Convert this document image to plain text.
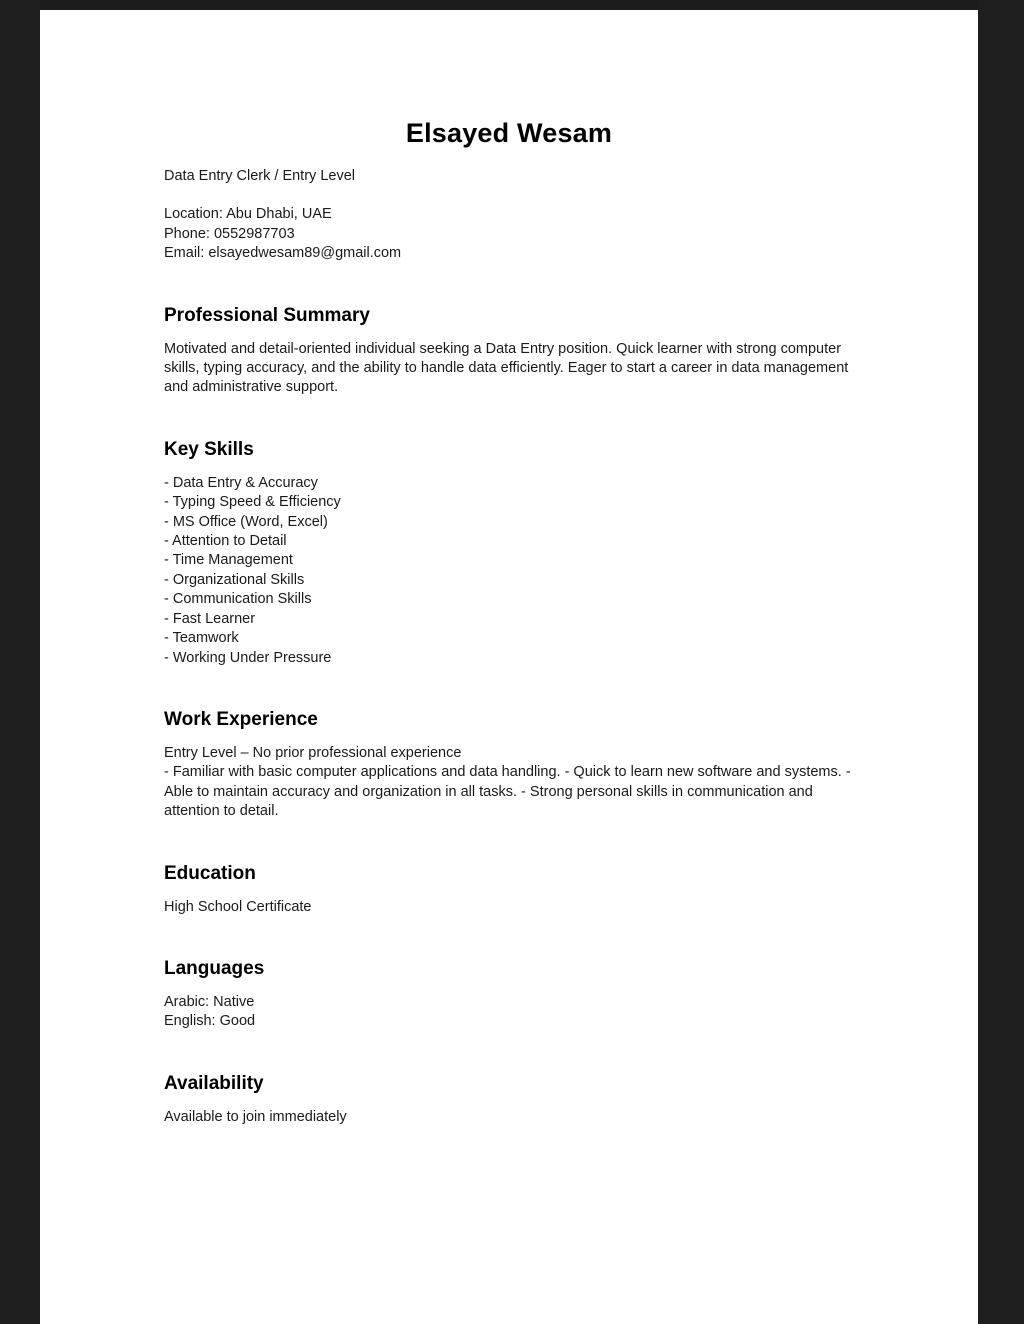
Elsayed Wesam
Data Entry Clerk / Entry Level
Location: Abu Dhabi, UAE
Phone: 0552987703
Email: elsayedwesam89@gmail.com
Professional Summary
Motivated and detail-oriented individual seeking a Data Entry position. Quick learner with strong computer skills, typing accuracy, and the ability to handle data efficiently. Eager to start a career in data management and administrative support.
Key Skills
- Data Entry & Accuracy
- Typing Speed & Efficiency
- MS Office (Word, Excel)
- Attention to Detail
- Time Management
- Organizational Skills
- Communication Skills
- Fast Learner
- Teamwork
- Working Under Pressure
Work Experience
Entry Level – No prior professional experience
- Familiar with basic computer applications and data handling. - Quick to learn new software and systems. - Able to maintain accuracy and organization in all tasks. - Strong personal skills in communication and attention to detail.
Education
High School Certificate
Languages
Arabic: Native
English: Good
Availability
Available to join immediately
